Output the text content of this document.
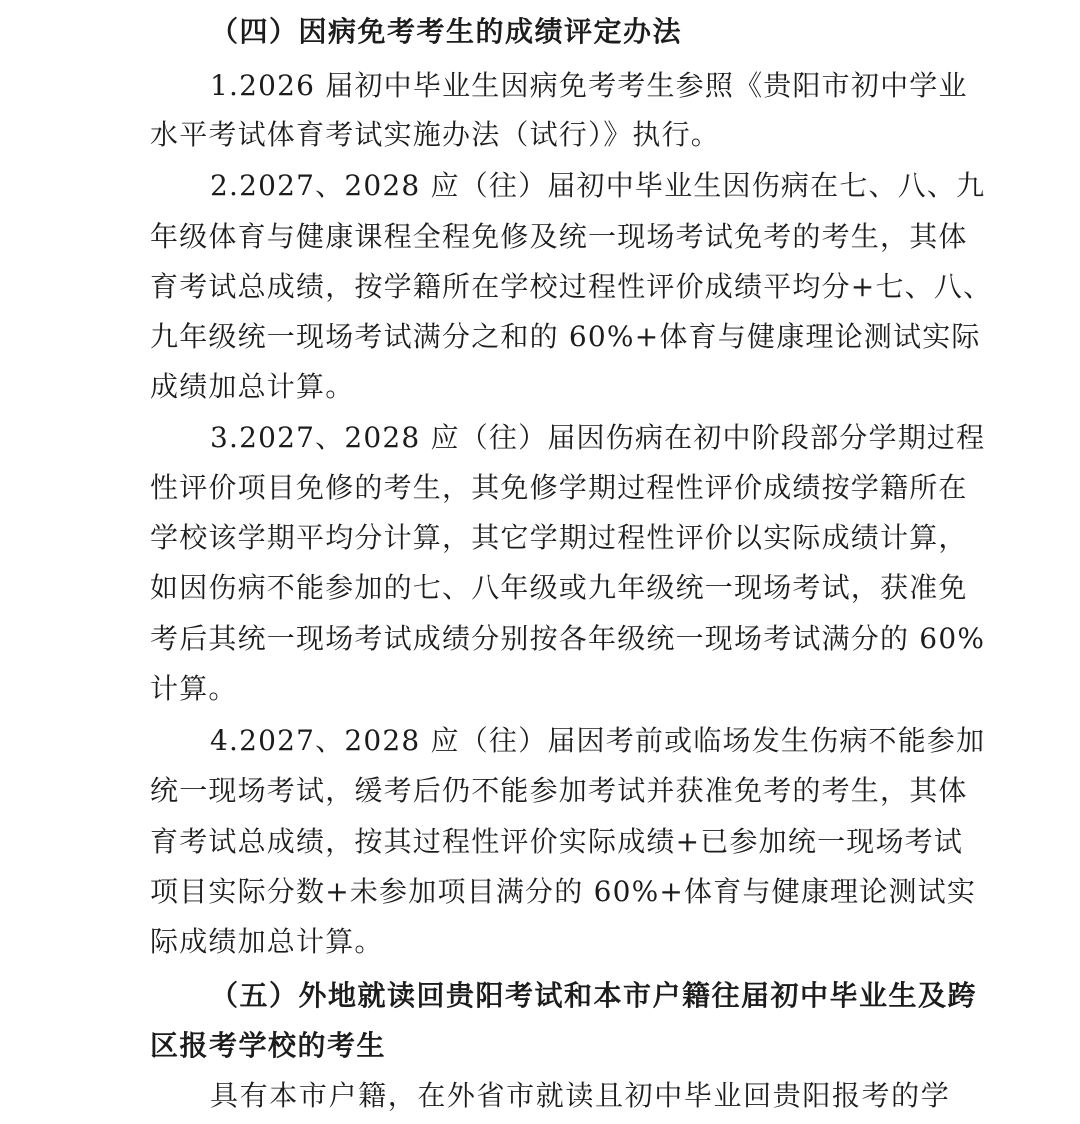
（四）因病免考考生的成绩评定办法
1.2026 届初中毕业生因病免考考生参照《贵阳市初中学业
水平考试体育考试实施办法（试行）》执行。
2.2027、2028 应（往）届初中毕业生因伤病在七、八、九
年级体育与健康课程全程免修及统一现场考试免考的考生，其体
育考试总成绩，按学籍所在学校过程性评价成绩平均分+七、八、
九年级统一现场考试满分之和的 60%+体育与健康理论测试实际
成绩加总计算。
3.2027、2028 应（往）届因伤病在初中阶段部分学期过程
性评价项目免修的考生，其免修学期过程性评价成绩按学籍所在
学校该学期平均分计算，其它学期过程性评价以实际成绩计算，
如因伤病不能参加的七、八年级或九年级统一现场考试，获准免
考后其统一现场考试成绩分别按各年级统一现场考试满分的 60%
计算。
4.2027、2028 应（往）届因考前或临场发生伤病不能参加
统一现场考试，缓考后仍不能参加考试并获准免考的考生，其体
育考试总成绩，按其过程性评价实际成绩+已参加统一现场考试
项目实际分数+未参加项目满分的 60%+体育与健康理论测试实
际成绩加总计算。
（五）外地就读回贵阳考试和本市户籍往届初中毕业生及跨
区报考学校的考生
具有本市户籍，在外省市就读且初中毕业回贵阳报考的学
